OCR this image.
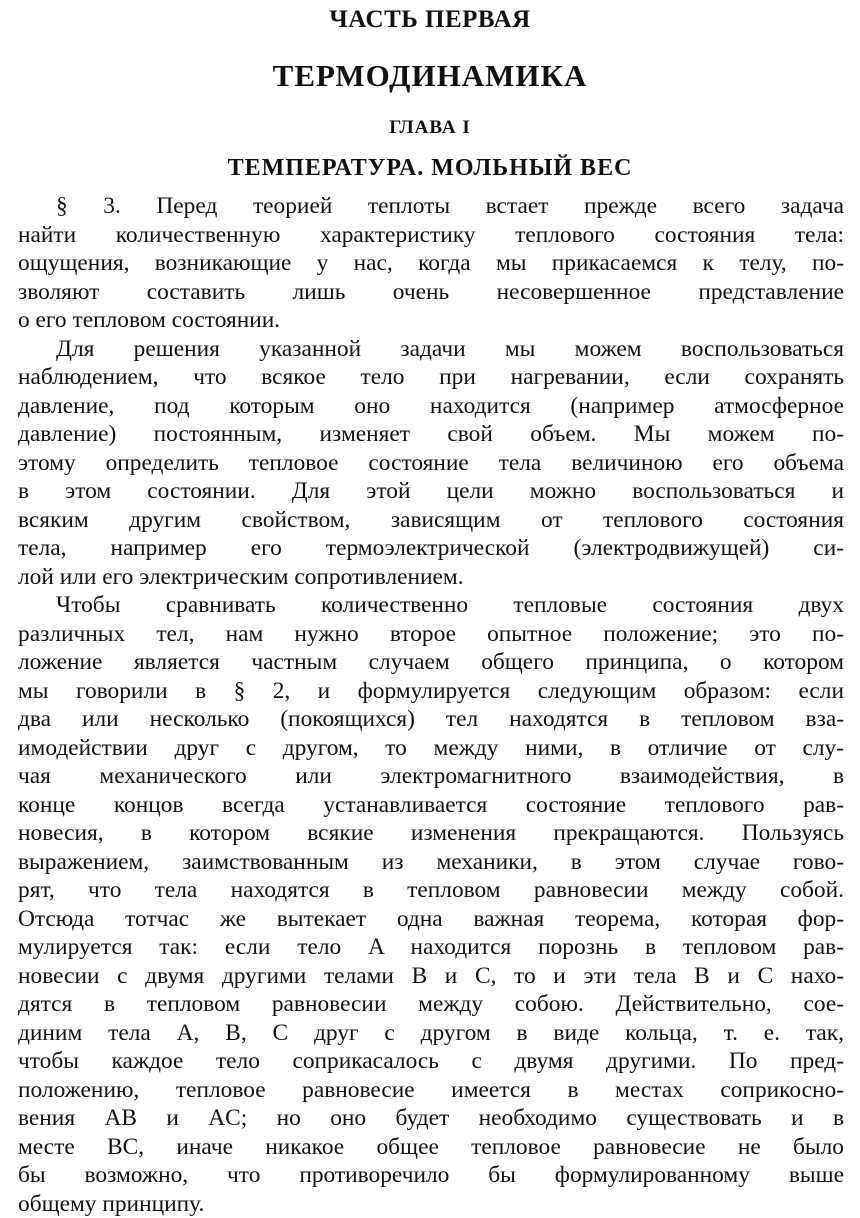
ЧАСТЬ ПЕРВАЯ
ТЕРМОДИНАМИКА
ГЛАВА I
ТЕМПЕРАТУРА. МОЛЬНЫЙ ВЕС

§ 3. Перед теорией теплоты встает прежде всего задача
найти количественную характеристику теплового состояния тела:
ощущения, возникающие у нас, когда мы прикасаемся к телу, по-
зволяют составить лишь очень несовершенное представление
о его тепловом состоянии.

Для решения указанной задачи мы можем воспользоваться
наблюдением, что всякое тело при нагревании, если сохранять
давление, под которым оно находится (например атмосферное
давление) постоянным, изменяет свой объем. Мы можем по-
этому определить тепловое состояние тела величиною его объема
в этом состоянии. Для этой цели можно воспользоваться и
всяким другим свойством, зависящим от теплового состояния
тела, например его термоэлектрической (электродвижущей) си-
лой или его электрическим сопротивлением.

Чтобы сравнивать количественно тепловые состояния двух
различных тел, нам нужно второе опытное положение; это по-
ложение является частным случаем общего принципа, о котором
мы говорили в § 2, и формулируется следующим образом: если
два или несколько (покоящихся) тел находятся в тепловом вза-
имодействии друг с другом, то между ними, в отличие от слу-
чая механического или электромагнитного взаимодействия, в
конце концов всегда устанавливается состояние теплового рав-
новесия, в котором всякие изменения прекращаются. Пользуясь
выражением, заимствованным из механики, в этом случае гово-
рят, что тела находятся в тепловом равновесии между собой.
Отсюда тотчас же вытекает одна важная теорема, которая фор-
мулируется так: если тело A находится порознь в тепловом рав-
новесии с двумя другими телами B и C, то и эти тела B и C нахо-
дятся в тепловом равновесии между собою. Действительно, сое-
диним тела A, B, C друг с другом в виде кольца, т. е. так,
чтобы каждое тело соприкасалось с двумя другими. По пред-
положению, тепловое равновесие имеется в местах соприкосно-
вения AB и AC; но оно будет необходимо существовать и в
месте BC, иначе никакое общее тепловое равновесие не было
бы возможно, что противоречило бы формулированному выше
общему принципу.
